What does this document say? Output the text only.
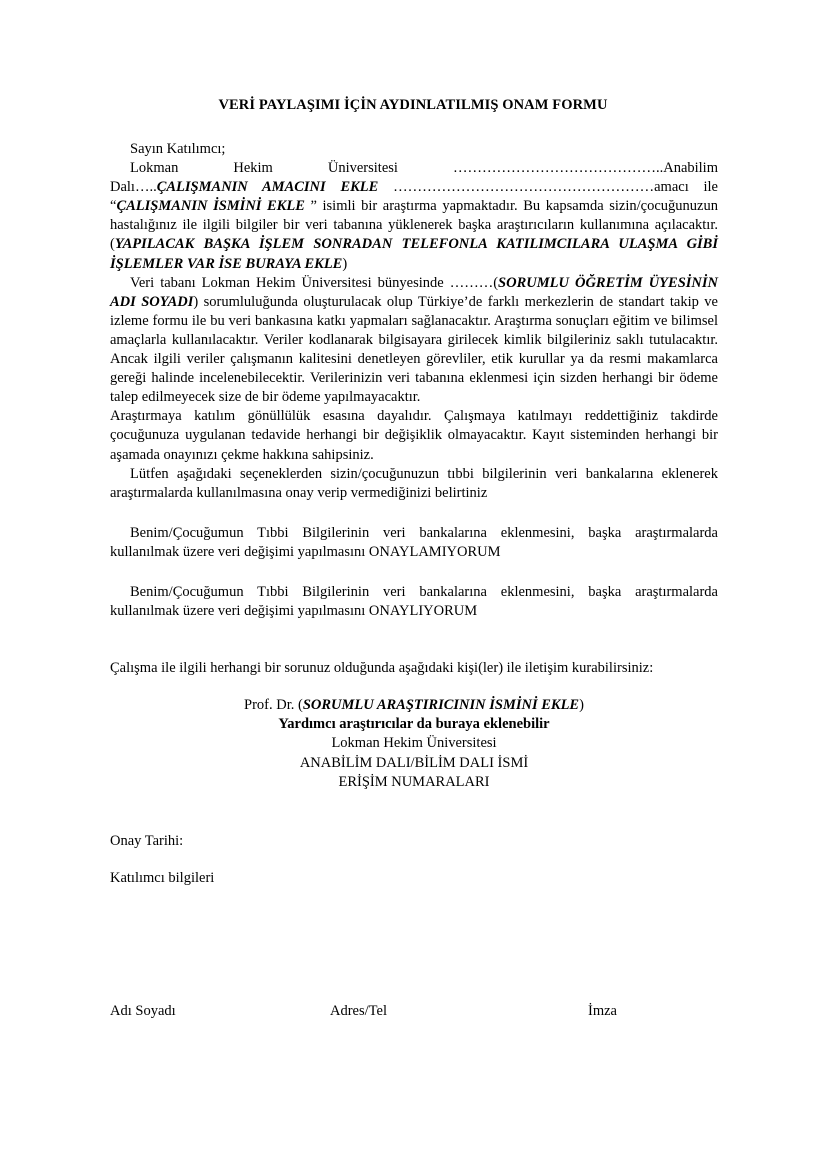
VERİ PAYLAŞIMI İÇİN AYDINLATILMIŞ ONAM FORMU

Sayın Katılımcı;

Lokman	Hekim	Üniversitesi	……………………………………..Anabilim

Dalı…..ÇALIŞMANIN AMACINI EKLE ………………………………………………amacı ile “ÇALIŞMANIN İSMİNİ EKLE ” isimli bir araştırma yapmaktadır. Bu kapsamda sizin/çocuğunuzun hastalığınız ile ilgili bilgiler bir veri tabanına yüklenerek başka araştırıcıların kullanımına açılacaktır. (YAPILACAK BAŞKA İŞLEM SONRADAN TELEFONLA KATILIMCILARA ULAŞMA GİBİ İŞLEMLER VAR İSE BURAYA EKLE)

Veri tabanı Lokman Hekim Üniversitesi bünyesinde ………(SORUMLU ÖĞRETİM ÜYESİNİN ADI SOYADI) sorumluluğunda oluşturulacak olup Türkiye’de farklı merkezlerin de standart takip ve izleme formu ile bu veri bankasına katkı yapmaları sağlanacaktır. Araştırma sonuçları eğitim ve bilimsel amaçlarla kullanılacaktır. Veriler kodlanarak bilgisayara girilecek kimlik bilgileriniz saklı tutulacaktır. Ancak ilgili veriler çalışmanın kalitesini denetleyen görevliler, etik kurullar ya da resmi makamlarca gereği halinde incelenebilecektir. Verilerinizin veri tabanına eklenmesi için sizden herhangi bir ödeme talep edilmeyecek size de bir ödeme yapılmayacaktır.

Araştırmaya katılım gönüllülük esasına dayalıdır. Çalışmaya katılmayı reddettiğiniz takdirde çocuğunuza uygulanan tedavide herhangi bir değişiklik olmayacaktır. Kayıt sisteminden herhangi bir aşamada onayınızı çekme hakkına sahipsiniz.

Lütfen aşağıdaki seçeneklerden sizin/çocuğunuzun tıbbi bilgilerinin veri bankalarına eklenerek araştırmalarda kullanılmasına onay verip vermediğinizi belirtiniz

Benim/Çocuğumun Tıbbi Bilgilerinin veri bankalarına eklenmesini, başka araştırmalarda kullanılmak üzere veri değişimi yapılmasını ONAYLAMIYORUM

Benim/Çocuğumun Tıbbi Bilgilerinin veri bankalarına eklenmesini, başka araştırmalarda kullanılmak üzere veri değişimi yapılmasını ONAYLIYORUM

Çalışma ile ilgili herhangi bir sorunuz olduğunda aşağıdaki kişi(ler) ile iletişim kurabilirsiniz:

Prof. Dr. (SORUMLU ARAŞTIRICININ İSMİNİ EKLE)

Yardımcı araştırıcılar da buraya eklenebilir

Lokman Hekim Üniversitesi

ANABİLİM DALI/BİLİM DALI İSMİ

ERİŞİM NUMARALARI

Onay Tarihi:

Katılımcı bilgileri

Adı Soyadı	Adres/Tel	İmza
